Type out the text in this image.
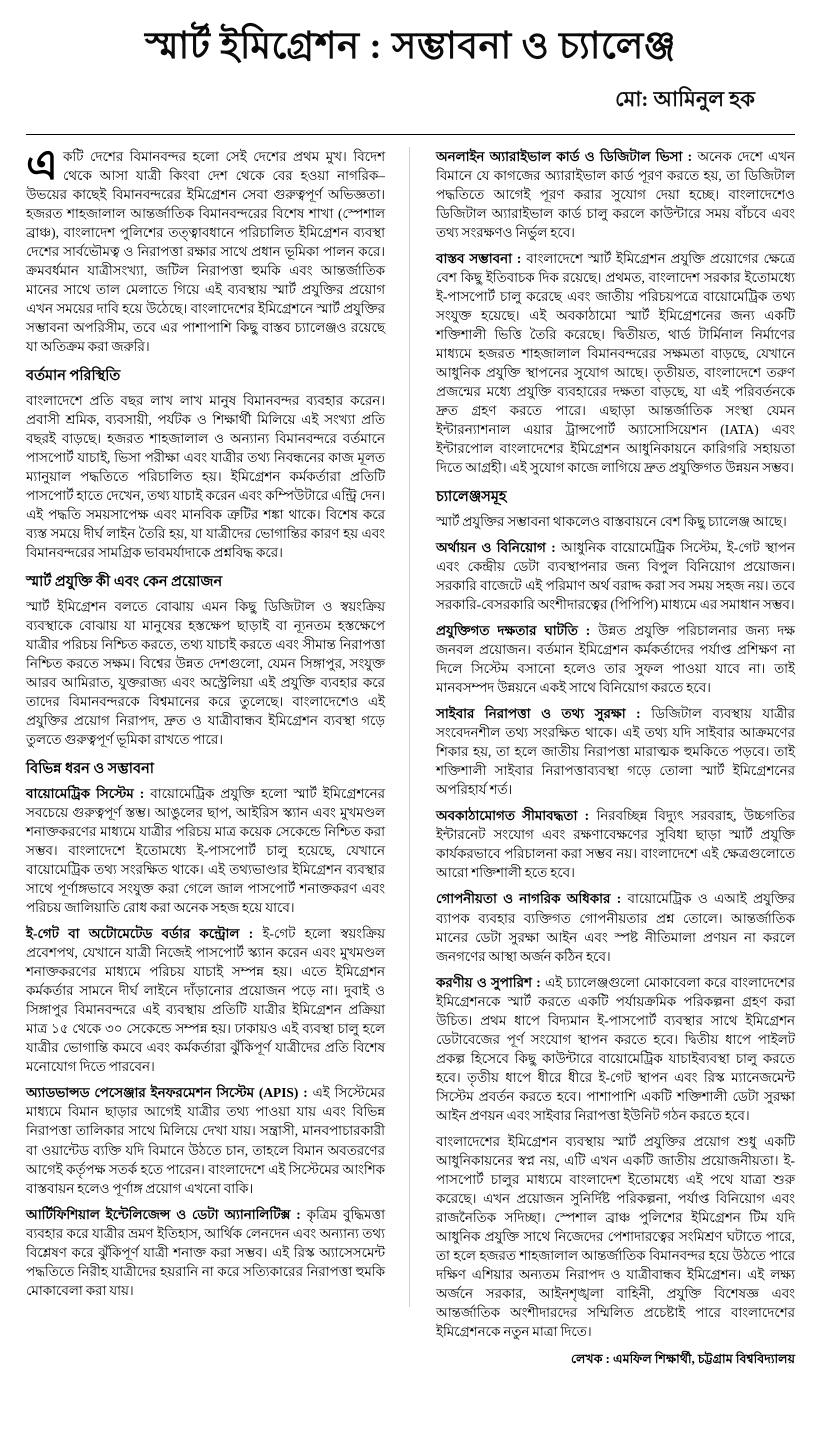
স্মার্ট ইমিগ্রেশন : সম্ভাবনা ও চ্যালেঞ্জ
মো: আমিনুল হক

একটি দেশের বিমানবন্দর হলো সেই দেশের প্রথম মুখ। বিদেশ থেকে আসা যাত্রী কিংবা দেশ থেকে বের হওয়া নাগরিক– উভয়ের কাছেই বিমানবন্দরের ইমিগ্রেশন সেবা গুরুত্বপূর্ণ অভিজ্ঞতা। হজরত শাহজালাল আন্তর্জাতিক বিমানবন্দরের বিশেষ শাখা (স্পেশাল ব্রাঞ্চ), বাংলাদেশ পুলিশের তত্ত্বাবধানে পরিচালিত ইমিগ্রেশন ব্যবস্থা দেশের সার্বভৌমত্ব ও নিরাপত্তা রক্ষার সাথে প্রধান ভূমিকা পালন করে। ক্রমবর্ধমান যাত্রীসংখ্যা, জটিল নিরাপত্তা হুমকি এবং আন্তর্জাতিক মানের সাথে তাল মেলাতে গিয়ে এই ব্যবস্থায় স্মার্ট প্রযুক্তির প্রয়োগ এখন সময়ের দাবি হয়ে উঠেছে। বাংলাদেশের ইমিগ্রেশনে স্মার্ট প্রযুক্তির সম্ভাবনা অপরিসীম, তবে এর পাশাপাশি কিছু বাস্তব চ্যালেঞ্জও রয়েছে যা অতিক্রম করা জরুরি।

বর্তমান পরিস্থিতি

বাংলাদেশে প্রতি বছর লাখ লাখ মানুষ বিমানবন্দর ব্যবহার করেন। প্রবাসী শ্রমিক, ব্যবসায়ী, পর্যটক ও শিক্ষার্থী মিলিয়ে এই সংখ্যা প্রতি বছরই বাড়ছে। হজরত শাহজালাল ও অন্যান্য বিমানবন্দরে বর্তমানে পাসপোর্ট যাচাই, ভিসা পরীক্ষা এবং যাত্রীর তথ্য নিবন্ধনের কাজ মূলত ম্যানুয়াল পদ্ধতিতে পরিচালিত হয়। ইমিগ্রেশন কর্মকর্তারা প্রতিটি পাসপোর্ট হাতে দেখেন, তথ্য যাচাই করেন এবং কম্পিউটারে এন্ট্রি দেন। এই পদ্ধতি সময়সাপেক্ষ এবং মানবিক ত্রুটির শঙ্কা থাকে। বিশেষ করে ব্যস্ত সময়ে দীর্ঘ লাইন তৈরি হয়, যা যাত্রীদের ভোগান্তির কারণ হয় এবং বিমানবন্দরের সামগ্রিক ভাবমর্যাদাকে প্রশ্নবিদ্ধ করে।

স্মার্ট প্রযুক্তি কী এবং কেন প্রয়োজন

স্মার্ট ইমিগ্রেশন বলতে বোঝায় এমন কিছু ডিজিটাল ও স্বয়ংক্রিয় ব্যবস্থাকে বোঝায় যা মানুষের হস্তক্ষেপ ছাড়াই বা ন্যূনতম হস্তক্ষেপে যাত্রীর পরিচয় নিশ্চিত করতে, তথ্য যাচাই করতে এবং সীমান্ত নিরাপত্তা নিশ্চিত করতে সক্ষম। বিশ্বের উন্নত দেশগুলো, যেমন সিঙ্গাপুর, সংযুক্ত আরব আমিরাত, যুক্তরাজ্য এবং অস্ট্রেলিয়া এই প্রযুক্তি ব্যবহার করে তাদের বিমানবন্দরকে বিশ্বমানের করে তুলেছে। বাংলাদেশেও এই প্রযুক্তির প্রয়োগ নিরাপদ, দ্রুত ও যাত্রীবান্ধব ইমিগ্রেশন ব্যবস্থা গড়ে তুলতে গুরুত্বপূর্ণ ভূমিকা রাখতে পারে।

বিভিন্ন ধরন ও সম্ভাবনা

বায়োমেট্রিক সিস্টেম : বায়োমেট্রিক প্রযুক্তি হলো স্মার্ট ইমিগ্রেশনের সবচেয়ে গুরুত্বপূর্ণ স্তম্ভ। আঙুলের ছাপ, আইরিস স্ক্যান এবং মুখমণ্ডল শনাক্তকরণের মাধ্যমে যাত্রীর পরিচয় মাত্র কয়েক সেকেন্ডে নিশ্চিত করা সম্ভব। বাংলাদেশে ইতোমধ্যে ই-পাসপোর্ট চালু হয়েছে, যেখানে বায়োমেট্রিক তথ্য সংরক্ষিত থাকে। এই তথ্যভাণ্ডার ইমিগ্রেশন ব্যবস্থার সাথে পূর্ণাঙ্গভাবে সংযুক্ত করা গেলে জাল পাসপোর্ট শনাক্তকরণ এবং পরিচয় জালিয়াতি রোধ করা অনেক সহজ হয়ে যাবে।

ই-গেট বা অটোমেটেড বর্ডার কন্ট্রোল : ই-গেট হলো স্বয়ংক্রিয় প্রবেশপথ, যেখানে যাত্রী নিজেই পাসপোর্ট স্ক্যান করেন এবং মুখমণ্ডল শনাক্তকরণের মাধ্যমে পরিচয় যাচাই সম্পন্ন হয়। এতে ইমিগ্রেশন কর্মকর্তার সামনে দীর্ঘ লাইনে দাঁড়ানোর প্রয়োজন পড়ে না। দুবাই ও সিঙ্গাপুর বিমানবন্দরে এই ব্যবস্থায় প্রতিটি যাত্রীর ইমিগ্রেশন প্রক্রিয়া মাত্র ১৫ থেকে ৩০ সেকেন্ডে সম্পন্ন হয়। ঢাকায়ও এই ব্যবস্থা চালু হলে যাত্রীর ভোগান্তি কমবে এবং কর্মকর্তারা ঝুঁকিপূর্ণ যাত্রীদের প্রতি বিশেষ মনোযোগ দিতে পারবেন।

অ্যাডভান্সড পেসেঞ্জার ইনফরমেশন সিস্টেম (APIS) : এই সিস্টেমের মাধ্যমে বিমান ছাড়ার আগেই যাত্রীর তথ্য পাওয়া যায় এবং বিভিন্ন নিরাপত্তা তালিকার সাথে মিলিয়ে দেখা যায়। সন্ত্রাসী, মানবপাচারকারী বা ওয়ান্টেড ব্যক্তি যদি বিমানে উঠতে চান, তাহলে বিমান অবতরণের আগেই কর্তৃপক্ষ সতর্ক হতে পারেন। বাংলাদেশে এই সিস্টেমের আংশিক বাস্তবায়ন হলেও পূর্ণাঙ্গ প্রয়োগ এখনো বাকি।

আর্টিফিশিয়াল ইন্টেলিজেন্স ও ডেটা অ্যানালিটিক্স : কৃত্রিম বুদ্ধিমত্তা ব্যবহার করে যাত্রীর ভ্রমণ ইতিহাস, আর্থিক লেনদেন এবং অন্যান্য তথ্য বিশ্লেষণ করে ঝুঁকিপূর্ণ যাত্রী শনাক্ত করা সম্ভব। এই রিস্ক অ্যাসেসমেন্ট পদ্ধতিতে নিরীহ যাত্রীদের হয়রানি না করে সত্যিকারের নিরাপত্তা হুমকি মোকাবেলা করা যায়।

অনলাইন অ্যারাইভাল কার্ড ও ডিজিটাল ভিসা : অনেক দেশে এখন বিমানে যে কাগজের অ্যারাইভাল কার্ড পূরণ করতে হয়, তা ডিজিটাল পদ্ধতিতে আগেই পূরণ করার সুযোগ দেয়া হচ্ছে। বাংলাদেশেও ডিজিটাল অ্যারাইভাল কার্ড চালু করলে কাউন্টারে সময় বাঁচবে এবং তথ্য সংরক্ষণও নির্ভুল হবে।

বাস্তব সম্ভাবনা : বাংলাদেশে স্মার্ট ইমিগ্রেশন প্রযুক্তি প্রয়োগের ক্ষেত্রে বেশ কিছু ইতিবাচক দিক রয়েছে। প্রথমত, বাংলাদেশ সরকার ইতোমধ্যে ই-পাসপোর্ট চালু করেছে এবং জাতীয় পরিচয়পত্রে বায়োমেট্রিক তথ্য সংযুক্ত হয়েছে। এই অবকাঠামো স্মার্ট ইমিগ্রেশনের জন্য একটি শক্তিশালী ভিত্তি তৈরি করেছে। দ্বিতীয়ত, থার্ড টার্মিনাল নির্মাণের মাধ্যমে হজরত শাহজালাল বিমানবন্দরের সক্ষমতা বাড়ছে, যেখানে আধুনিক প্রযুক্তি স্থাপনের সুযোগ আছে। তৃতীয়ত, বাংলাদেশে তরুণ প্রজন্মের মধ্যে প্রযুক্তি ব্যবহারের দক্ষতা বাড়ছে, যা এই পরিবর্তনকে দ্রুত গ্রহণ করতে পারে। এছাড়া আন্তর্জাতিক সংস্থা যেমন ইন্টারন্যাশনাল এয়ার ট্রান্সপোর্ট অ্যাসোসিয়েশন (IATA) এবং ইন্টারপোল বাংলাদেশের ইমিগ্রেশন আধুনিকায়নে কারিগরি সহায়তা দিতে আগ্রহী। এই সুযোগ কাজে লাগিয়ে দ্রুত প্রযুক্তিগত উন্নয়ন সম্ভব।

চ্যালেঞ্জসমূহ

স্মার্ট প্রযুক্তির সম্ভাবনা থাকলেও বাস্তবায়নে বেশ কিছু চ্যালেঞ্জ আছে।

অর্থায়ন ও বিনিয়োগ : আধুনিক বায়োমেট্রিক সিস্টেম, ই-গেট স্থাপন এবং কেন্দ্রীয় ডেটা ব্যবস্থাপনার জন্য বিপুল বিনিয়োগ প্রয়োজন। সরকারি বাজেটে এই পরিমাণ অর্থ বরাদ্দ করা সব সময় সহজ নয়। তবে সরকারি-বেসরকারি অংশীদারত্বের (পিপিপি) মাধ্যমে এর সমাধান সম্ভব।

প্রযুক্তিগত দক্ষতার ঘাটতি : উন্নত প্রযুক্তি পরিচালনার জন্য দক্ষ জনবল প্রয়োজন। বর্তমান ইমিগ্রেশন কর্মকর্তাদের পর্যাপ্ত প্রশিক্ষণ না দিলে সিস্টেম বসানো হলেও তার সুফল পাওয়া যাবে না। তাই মানবসম্পদ উন্নয়নে একই সাথে বিনিয়োগ করতে হবে।

সাইবার নিরাপত্তা ও তথ্য সুরক্ষা : ডিজিটাল ব্যবস্থায় যাত্রীর সংবেদনশীল তথ্য সংরক্ষিত থাকে। এই তথ্য যদি সাইবার আক্রমণের শিকার হয়, তা হলে জাতীয় নিরাপত্তা মারাত্মক হুমকিতে পড়বে। তাই শক্তিশালী সাইবার নিরাপত্তাব্যবস্থা গড়ে তোলা স্মার্ট ইমিগ্রেশনের অপরিহার্য শর্ত।

অবকাঠামোগত সীমাবদ্ধতা : নিরবচ্ছিন্ন বিদ্যুৎ সরবরাহ, উচ্চগতির ইন্টারনেট সংযোগ এবং রক্ষণাবেক্ষণের সুবিধা ছাড়া স্মার্ট প্রযুক্তি কার্যকরভাবে পরিচালনা করা সম্ভব নয়। বাংলাদেশে এই ক্ষেত্রগুলোতে আরো শক্তিশালী হতে হবে।

গোপনীয়তা ও নাগরিক অধিকার : বায়োমেট্রিক ও এআই প্রযুক্তির ব্যাপক ব্যবহার ব্যক্তিগত গোপনীয়তার প্রশ্ন তোলে। আন্তর্জাতিক মানের ডেটা সুরক্ষা আইন এবং স্পষ্ট নীতিমালা প্রণয়ন না করলে জনগণের আস্থা অর্জন কঠিন হবে।

করণীয় ও সুপারিশ : এই চ্যালেঞ্জগুলো মোকাবেলা করে বাংলাদেশের ইমিগ্রেশনকে স্মার্ট করতে একটি পর্যায়ক্রমিক পরিকল্পনা গ্রহণ করা উচিত। প্রথম ধাপে বিদ্যমান ই-পাসপোর্ট ব্যবস্থার সাথে ইমিগ্রেশন ডেটাবেজের পূর্ণ সংযোগ স্থাপন করতে হবে। দ্বিতীয় ধাপে পাইলট প্রকল্প হিসেবে কিছু কাউন্টারে বায়োমেট্রিক যাচাইব্যবস্থা চালু করতে হবে। তৃতীয় ধাপে ধীরে ধীরে ই-গেট স্থাপন এবং রিস্ক ম্যানেজমেন্ট সিস্টেম প্রবর্তন করতে হবে। পাশাপাশি একটি শক্তিশালী ডেটা সুরক্ষা আইন প্রণয়ন এবং সাইবার নিরাপত্তা ইউনিট গঠন করতে হবে।

বাংলাদেশের ইমিগ্রেশন ব্যবস্থায় স্মার্ট প্রযুক্তির প্রয়োগ শুধু একটি আধুনিকায়নের স্বপ্ন নয়, এটি এখন একটি জাতীয় প্রয়োজনীয়তা। ই-পাসপোর্ট চালুর মাধ্যমে বাংলাদেশ ইতোমধ্যে এই পথে যাত্রা শুরু করেছে। এখন প্রয়োজন সুনির্দিষ্ট পরিকল্পনা, পর্যাপ্ত বিনিয়োগ এবং রাজনৈতিক সদিচ্ছা। স্পেশাল ব্রাঞ্চ পুলিশের ইমিগ্রেশন টিম যদি আধুনিক প্রযুক্তি সাথে নিজেদের পেশাদারত্বের সংমিশ্রণ ঘটাতে পারে, তা হলে হজরত শাহজালাল আন্তর্জাতিক বিমানবন্দর হয়ে উঠতে পারে দক্ষিণ এশিয়ার অন্যতম নিরাপদ ও যাত্রীবান্ধব ইমিগ্রেশন। এই লক্ষ্য অর্জনে সরকার, আইনশৃঙ্খলা বাহিনী, প্রযুক্তি বিশেষজ্ঞ এবং আন্তর্জাতিক অংশীদারদের সম্মিলিত প্রচেষ্টাই পারে বাংলাদেশের ইমিগ্রেশনকে নতুন মাত্রা দিতে।

লেখক : এমফিল শিক্ষার্থী, চট্টগ্রাম বিশ্ববিদ্যালয়
